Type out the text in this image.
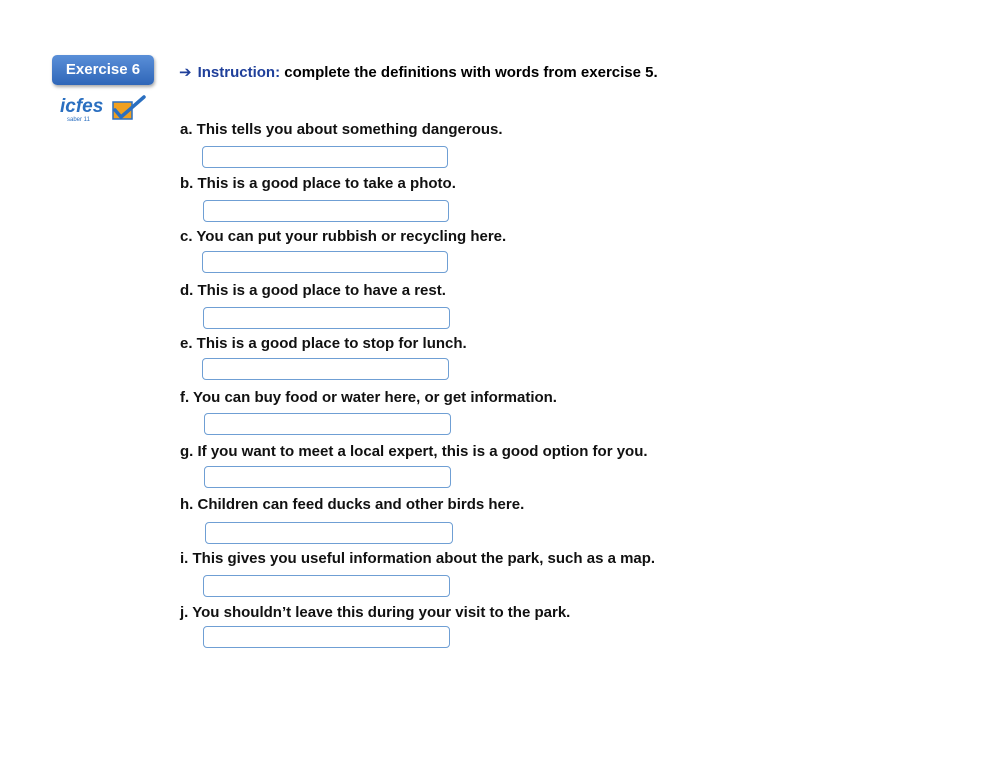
Exercise 6
icfes
saber 11
➔ Instruction: complete the definitions with words from exercise 5.
a. This tells you about something dangerous.
b. This is a good place to take a photo.
c. You can put your rubbish or recycling here.
d. This is a good place to have a rest.
e. This is a good place to stop for lunch.
f. You can buy food or water here, or get information.
g. If you want to meet a local expert, this is a good option for you.
h. Children can feed ducks and other birds here.
i. This gives you useful information about the park, such as a map.
j. You shouldn’t leave this during your visit to the park.
